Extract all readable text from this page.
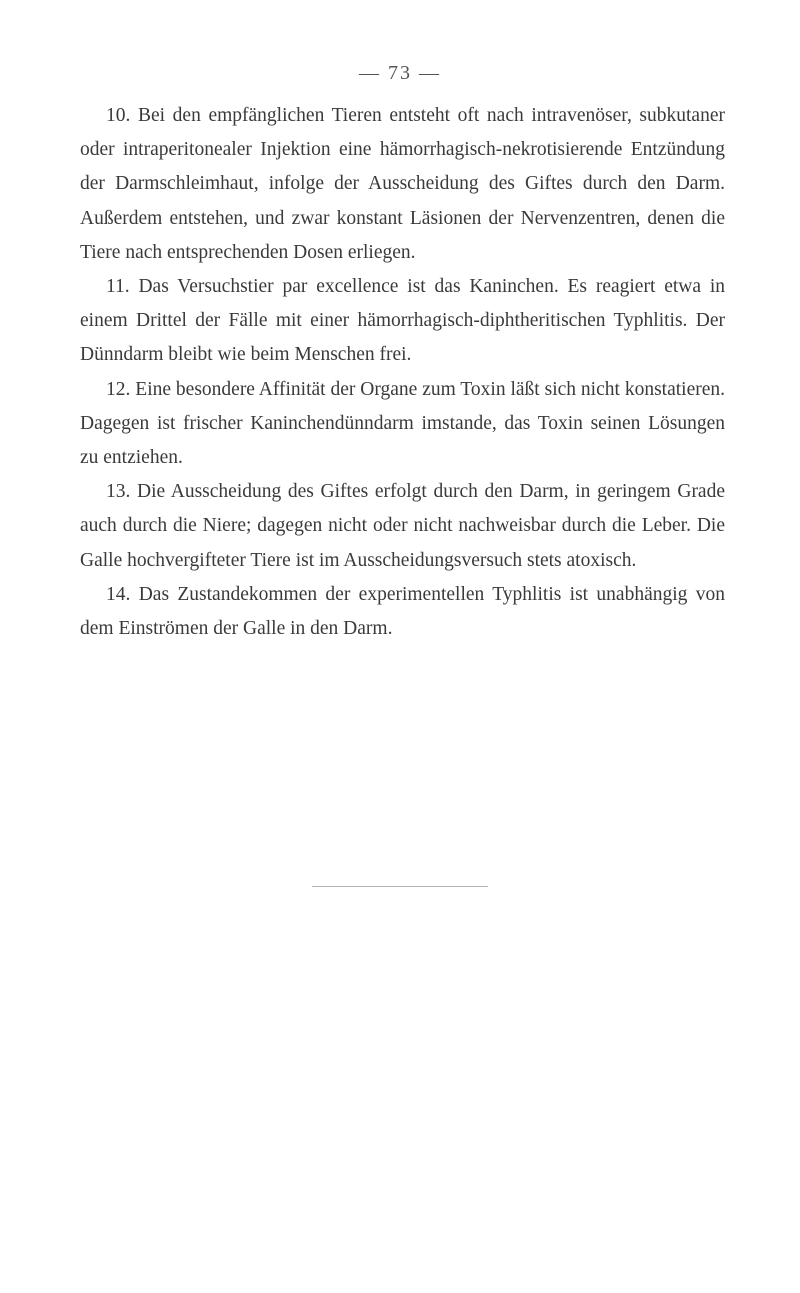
— 73 —

10. Bei den empfänglichen Tieren entsteht oft nach intravenöser, subkutaner oder intraperitonealer Injektion eine hämorrhagisch-nekrotisierende Entzündung der Darmschleimhaut, infolge der Ausscheidung des Giftes durch den Darm. Außerdem entstehen, und zwar konstant Läsionen der Nervenzentren, denen die Tiere nach entsprechenden Dosen erliegen.

11. Das Versuchstier par excellence ist das Kaninchen. Es reagiert etwa in einem Drittel der Fälle mit einer hämorrhagisch-diphtheritischen Typhlitis. Der Dünndarm bleibt wie beim Menschen frei.

12. Eine besondere Affinität der Organe zum Toxin läßt sich nicht konstatieren. Dagegen ist frischer Kaninchendünndarm imstande, das Toxin seinen Lösungen zu entziehen.

13. Die Ausscheidung des Giftes erfolgt durch den Darm, in geringem Grade auch durch die Niere; dagegen nicht oder nicht nachweisbar durch die Leber. Die Galle hochvergifteter Tiere ist im Ausscheidungsversuch stets atoxisch.

14. Das Zustandekommen der experimentellen Typhlitis ist unabhängig von dem Einströmen der Galle in den Darm.
